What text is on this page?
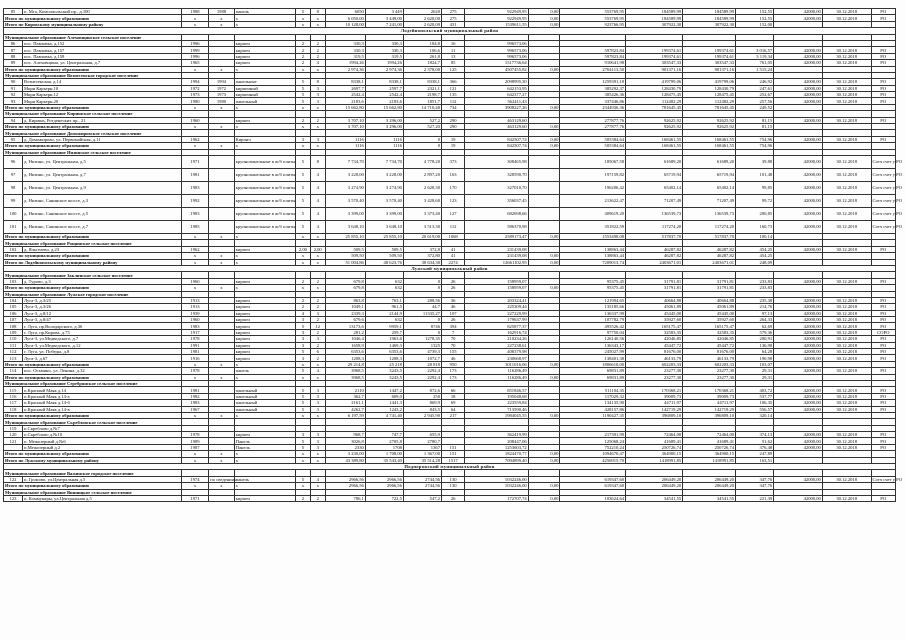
85	п. Мга, Комсомольский пр., д.100	1988	1988	панель	5	8	6050	3 449	2620	275	922949,95	0,00	553769,95	184589,99	184589,99	152,55	42000,00	30.12.2018	РО
Итого по муниципальному образованию		x	x	x	x	x	6 050,00	3 449,00	2 620,00	275	922949,95	0,00	553769,95	184589,99	184589,99	152,55	42000,00	30.12.2018	РО
Итого по Кировскому муниципальному району		x	x	x	x	x	10 128,00	7 241,00	2 620,00	431	1539611,55	0,00	923766,95	307922,30	307922,30	152,00			
Лодейнопольский муниципальный район																			
Муниципальное образование Алеховщинское сельское поселение																			
86	пос. Павловка, д.152	1996		кирпич	2	2	330,3	330,3	184,8	16	996573,06								
87	пос. Павловка, д.157	1999		кирпич	2	2	330,3	330,3	106,6	11	996573,06		597823,84	199374,61	199374,61	3 016,57	42000,00	30.12.2018	РО
88	пос. Павловка, д.158	1996		кирпич	2	2	319,5	319,5	261,8	13	996573,06		597823,84	199374,61	199374,61	3 119,34	42000,00	30.12.2018	РО
89	пос. Алеховщина, ул. Центральная, д.7	1965		кирпич	2	4	1994,26	1994,26	1824,7	85	1517736,64		910641,98	303547,33	303547,33	761,05	42000,00	30.12.2018	РО
Итого по муниципальному образованию		x	x	x	x	x	2 974,36	2 974,36	2 378,00	125	4507455,82	0,00	2704113,50	901371,16	901371,16	1 515,24			
Муниципальное образование Вознесенское городское поселение																			
90	Вознесенская, д.14	1994	1994	панельные	5	8	8338,1	8338,1	8338,1	366	2098995,30		1259391,18	419799,06	419799,06	246,92	42000,00	30.12.2018	РО
91	Мкрн Карьерн.10	1972	1972	кирпичный	5	3	2697,7	2597,7	2321,1	121	642153,95		385292,37	128430,79	128430,79	247,61	42000,00	30.12.2018	РО
92	Мкрн Карьерн.12	1973	1973	кирпичный	5	3	2542,4	2542,4	2198,7	135	642377,27		385426,36	128475,45	128475,45	252,67	42000,00	30.12.2018	РО
93	Мкрн Карьерн.20	1980	1980	панельный	5	3	2183,6	2183,6	1851,7	112	562411,43		337446,86	112482,29	112482,29	257,56	42000,00	30.12.2018	РО
Итого по муниципальному образованию		x	x	x	x	x	15 662,80	15 662,80	14 710,40	734	3908227,26	0,00	2344936,36	781645,45	781645,45	249,52			
Муниципальное образование Киришское сельское поселение																			
94	д. Киришь, Ротденеских пр., 21	1960		кирпич	2	2	3 707,10	3 296,00	527,2	290	463129,60		277877,76	92625,92	92625,92	81,15	42000,00	30.12.2018	РО
Итого по муниципальному образованию		x	x	x	x	x	3 707,10	3 296,00	527,20	290	463129,60	0,00	277877,76	92625,92	92625,92	81,15			
Муниципальное образование Доможировское сельское поселение																			
95	д. Доможирово, ул. Первомайская, д.11	1962		Кирпич	3	3	1116	1116	0	19	842507,74	0,00	505384,64	168461,55	168461,55	754,96	42000,00	30.12.2018	РО
Итого по муниципальному образованию		x	x	x	x	x	1116	1116	0	19	842507,74	0,00	505384,64	168461,55	168461,55	754,96			
Муниципальное образование Низинское сельское поселение																			
96	д. Низино, ул. Центральная, д.5	1971		крупнопанельные в ж/б плиты	5	8	7 734,70	7 734,70	4 778,20	373	308465,98		185067,58	61689,20	61689,20	39,88	42000,00	30.12.2018	Сотч счет у РО
97	д. Низино, ул. Центральная, д.7	1981		крупнопанельные в ж/б плиты	5	4	3 228,00	3 228,00	2 897,20	163	328590,70		197159,82	65719,94	65719,94	101,48	42000,00	30.12.2018	Сотч счет у РО
98	д. Низино, ул. Центральная, д.9	1983		крупнопанельные в ж/б плиты	5	4	3 274,90	3 274,90	2 628,30	170	327010,70		196206,42	65402,14	65402,14	99,85	42000,00	30.12.2018	Сотч счет у РО
99	д. Низино, Санинское шоссе, д.3	1992		крупнопанельные в ж/б плиты	5	4	3 570,40	3 570,40	3 428,60	123	356037,45		213622,47	71207,49	71207,49	99,72	42000,00	30.12.2018	Сотч счет у РО
100	д. Низино, Санинское шоссе, д.5	1983		крупнопанельные в ж/б плиты	5	4	3 399,00	3 399,00	3 373,40	127	682698,66		409619,20	136539,73	136539,73	200,85	42000,00	30.12.2018	Сотч счет у РО
101	д. Низино, Санинское шоссе, д.7	1985		крупнопанельные в ж/б плиты	5	4	3 648,10	3 648,10	3 513,30	112	586370,98		351822,59	117274,20	117274,20	160,73	42000,00	30.12.2018	Сотч счет у РО
Итого по муниципальному образованию		x	x	x	x	x	25 855,10	25 855,10	20 619,00	1068	2589173,47	0,00	1553498,08	517837,70	517837,70	100,14			
Муниципальное образование Рощинское сельское поселение																			
102	д. Яльгелево, д.23	1962		кирпич	2,00	2,00	509,5	509,5	372,8	41	231439,08		138863,44	46287,82	46287,82	454,25	42000,00	30.12.2018	РО
Итого по муниципальному образованию		x	x	x	x	x	509,50	509,50	372,80	41	231439,08	0,00	138863,44	46287,82	46287,82	454,25			
Итого по Лодейнопольскому муниципальному району		x	x	x	x	x	51 004,86	48 623,76	38 634,30	2274	12661102,95	0,00	7209013,74	2403671,01	2403671,01	248,09			
Лужский муниципальный район																			
Муниципальное образование Заклинское сельское поселение																			
103	д. Турово, д.3	1960		кирпич	2	2	679,8	632	0	26	158959,07		95375,45	31791,81	31791,81	233,83	42000,00	30.12.2018	РО
Итого по муниципальному образованию		x	x	x	x	x	679,8	632	0	26	158959,07	0,00	95375,45	31791,81	31791,81	233,83			
Муниципальное образование Лужское городское поселение																			
104	Луга-3, д.3/25	1913		кирпич	2	2	863,8	763,1	288,56	36	203324,41		121994,65	40664,88	40664,88	235,38	42000,00	30.12.2018	РО
105	Луга-3, д.3/26	1913		кирпич	2	2	1049,1	961,5	44,7	46	225309,44		135185,66	45061,89	45061,89	214,76	42000,00	30.12.2018	РО
106	Луга-3, д.8/12	1939		кирпич	4	3	2339,3	2144,9	11335,27	107	227229,99		136337,99	45445,00	45445,00	97,13	42000,00	30.12.2018	РО
107	Луга-3, д.8/47	1960		кирпич	3	2	679,6	632	0	26	179637,99		107782,79	35927,60	35927,60	264,33	42000,00	30.12.2018	РО
108	г. Луга, пр.Володарского, д.36	1983		кирпич	5	12	13173,6	9959,1	8746	394	825877,37		495526,42	165175,47	165175,47	62,69	42000,00	30.12.2018	РО
109	г. Луга, пр.Кирова, д.75	1917		кирпич	3	2	281,2	259,7	0	7	162916,74		97750,04	32583,35	32583,35	579,36	42000,00	30.12.2018	СОРО
110	Луга-3, ул.Медведского, д.7	1978		кирпич	3	3	1046,4	1963,6	1278,35	70	210234,26		126140,56	42046,85	42046,85	200,91	42000,00	30.12.2018	РО
111	Луга-3, ул.Медведского, д.12	1991		кирпич	3	2	1658,9	1469,3	1325	70	227238,61		136343,17	45447,72	45447,72	136,98	42000,00	30.12.2018	РО
112	г. Луга, ул. Победы, д.8	1981		кирпич	5	6	6353,6	6353,6	4739,3	155	408379,98		245027,99	81676,00	81676,00	64,28	42000,00	30.12.2018	РО
113	Луга-3, д.67	1916		кирпич	3	2	1208,3	1208,3	1072,7	46	230668,97		138401,38	46133,79	46133,79	190,90	42000,00	30.12.2018	РО
Итого по муниципальному образованию		x	x	x	x	x	29 214,8	25 218	28 818	950	3011016,06	0,00	1806610,00	602203,33	602203,33	103,07			
114	пос. Осьмино, ул. Ленина, д.32	1978		панель	5	4	3968,5	3243,5	2292,4	173	116286,49		69831,89	23277,30	23277,30	29,31	42000,00	30.12.2018	РО
Итого по муниципальному образованию		x	x	x	x	x	3968,5	3243,5	2292,4	173	116286,49	0,00	69831,89	23277,30	23277,30	29,31			
Муниципальное образование Серебрянское сельское поселение																			
115	п.Красный Маяк д.14	1981		панельный	5	3	2110	1447,2	872,6	66	851846,57		511104,35	170368,21	170368,21	403,72	42000,00	30.12.2018	РО
116	п.Красный Маяк д.14-а	1982		панельный	5	3	362,7	609,0	250	18	195048,68		117029,32	39009,73	39009,73	537,77	42000,00	30.12.2018	РО
117	п.Красный Маяк д.14-б	1983		панельный	5	3	2161,1	1441,3	869,9	69	223559,84		134135,90	44711,97	44711,97	106,35	42000,00	30.12.2018	РО
118	п.Красный Маяк д.14-в	1967		панельный	5	3	4262,7	1243,2	843,5	64	713590,46		428157,86	142719,29	142719,29	556,57	42000,00	30.12.2018	РО
Итого по муниципальному образованию		x	x	x	x	x	6 197,59	4 741,40	2 945,90	217	1984045,55	0,00	1190427,35	396809,10	396809,10	320,14			
Муниципальное образование Скребловское сельское поселение																			
119	п.Скреблово д.№7																		
120	п.Скреблово д.№10	1978		кирпич	3	3	968,7	747,7	655,9		362419,99		217391,99	72464,00	72464,00	374,13	42000,00	30.12.2018	РО
121	п. Межозерный д.№6	1989		Панель	5	3	3026,8	2705,8	2780,7		208447,06		125068,24	41689,41	41689,41	51,62	42000,00	30.12.2018	РО
	п.Межозерный д.2	1987		Панель	5	3	2330	1708	1367	151	1253603,72		752210,24	250726,74	250726,74	376,48	42000,00	30.12.2018	РО
Итого по муниципальному образованию		x	x	x	x	x	3 230,00	1 708,00	1 367,00	151	1824470,77	0,00	1094670,47	364900,15	364900,15	247,89			
Итого по Лужскому муниципальному району		x	x	x	x	x	43 389,80	35 543,40	35 514,28	1517	7094899,40	0,00	4256915,70	1418991,85	1418991,85	163,51			
Подпорожский муниципальный район																			
Муниципальное образование Важинское городское поселение																			
122	п. Громово, ул.Центральная д.5	1974	по сведениям	панель	5	4	2966,56	2966,56	2744,56	130	1032246,00		619347,60	206449,20	206449,20	347,76	42000,00	30.12.2018	Сотч счет у РО
Итого по муниципальному образованию		x	x	x	x	x	2966,56	2966,56	2744,56	130	1032246,00	0,00	619347,60	206449,20	206449,20	347,76			
Муниципальное образование Винницкое сельское поселение																			
123	п. Коммунары, ул.Центральная д.5	1971		кирпич	2	2	786,1	722,5	547,2	26	172707,74	0,00	103624,64	34541,55	34541,55	221,39	42000,00	30.12.2018	РО
